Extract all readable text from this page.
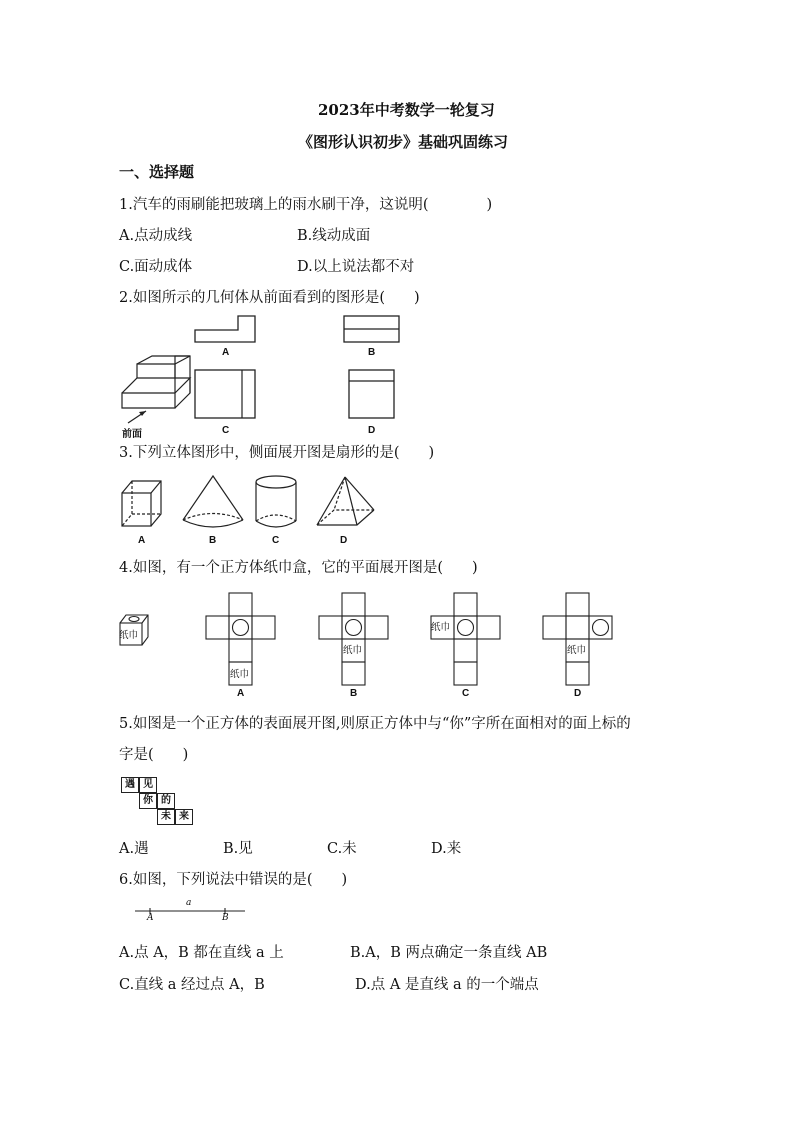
2023年中考数学一轮复习
《图形认识初步》基础巩固练习
一、选择题
1.汽车的雨刷能把玻璃上的雨水刷干净，这说明(　　　　)
A.点动成线	B.线动成面
C.面动成体	D.以上说法都不对
2.如图所示的几何体从前面看到的图形是(　　)
A	B
C	D
前面
3.下列立体图形中，侧面展开图是扇形的是(　　)
A	B	C	D
4.如图，有一个正方体纸巾盒，它的平面展开图是(　　)
纸巾
纸巾
纸巾
纸巾
纸巾
A	B	C	D
5.如图是一个正方体的表面展开图,则原正方体中与“你”字所在面相对的面上标的
字是(　　)
遇 见
你 的
未 来
A.遇	B.见	C.未	D.来
6.如图，下列说法中错误的是(　　)
a
A	B
A.点 A，B 都在直线 a 上	B.A，B 两点确定一条直线 AB
C.直线 a 经过点 A，B	D.点 A 是直线 a 的一个端点
